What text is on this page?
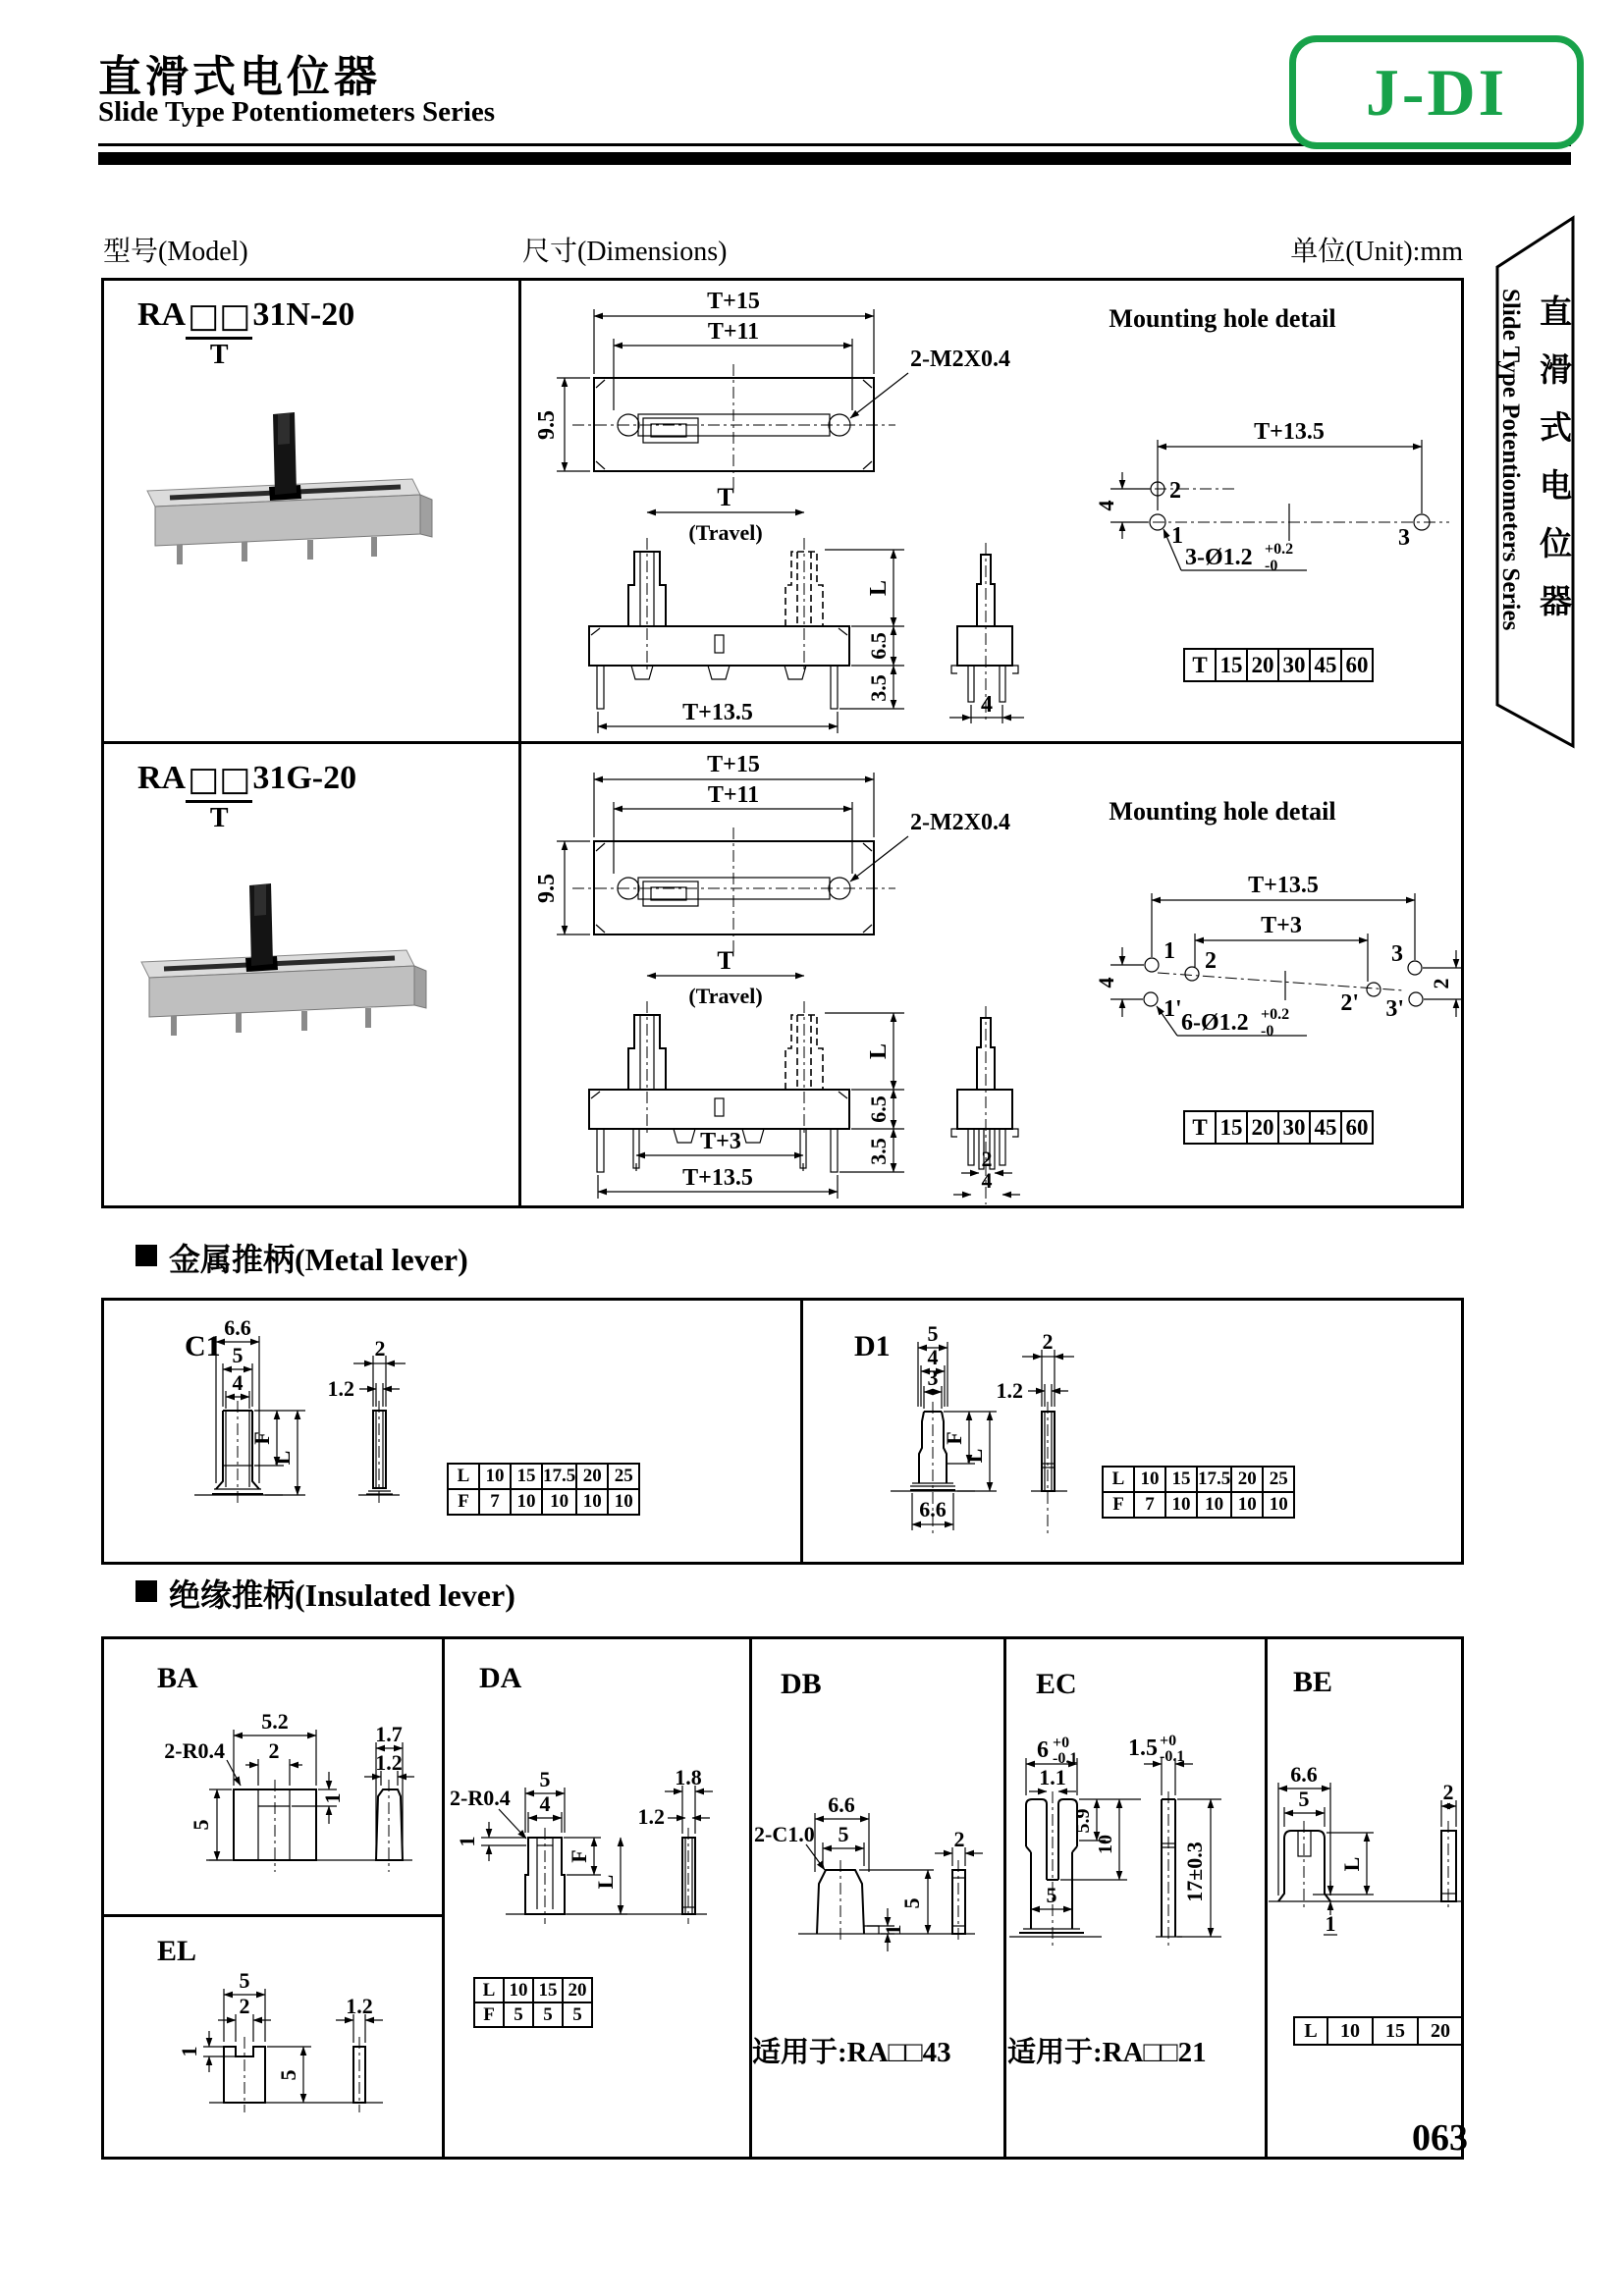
直滑式电位器
Slide Type Potentiometers Series	J-DI
型号(Model)	尺寸(Dimensions)	单位(Unit):mm
Slide Type Potentiometers Series 直滑式电位器
RA □□
T
31N-20	T+15
T+11
9.5
2-M2X0.4
T
(Travel)
L
6.5
3.5
T+13.5	4
Mounting hole detail
T+13.5
2
1	3
4
3-Ø1.2 +0.2
-0
T	15	20	30	45	60
RA □□
T
31G-20	T+15
T+11
9.5
2-M2X0.4
T
(Travel)
L
6.5
3.5
T+3
T+13.5
2
4
Mounting hole detail
T+13.5
T+3
1
1'
2
2'
3
3'
4	2
6-Ø1.2 +0.2
-0
T	15	20	30	45	60
金属推柄(Metal lever)
C1
6.6
5
4
F
L
2
1.2
L	10	15	17.5	20	25
F	7	10	10	10	10
D1 5
4
3
6.6
F
L
2
1.2
L	10	15	17.5	20	25
F	7	10	10	10	10
绝缘推柄(Insulated lever)
BA
5.2
2-R0.4 2
1
5
1.7
1.2
EL
5
2
1
5
1.2
DA
2-R0.4
5
4
1
F
L
1.8
1.2
L	10	15	20
F	5	5	5
DB
6.6
2-C1.0 5
1
5
2
适用于:RA□□43
EC
6 +0
-0.1
1.1
5.9
10
5
1.5 +0
-0.1
17±0.3
适用于:RA□□21
BE
6.6
5
L
1
2
L	10	15	20
063
